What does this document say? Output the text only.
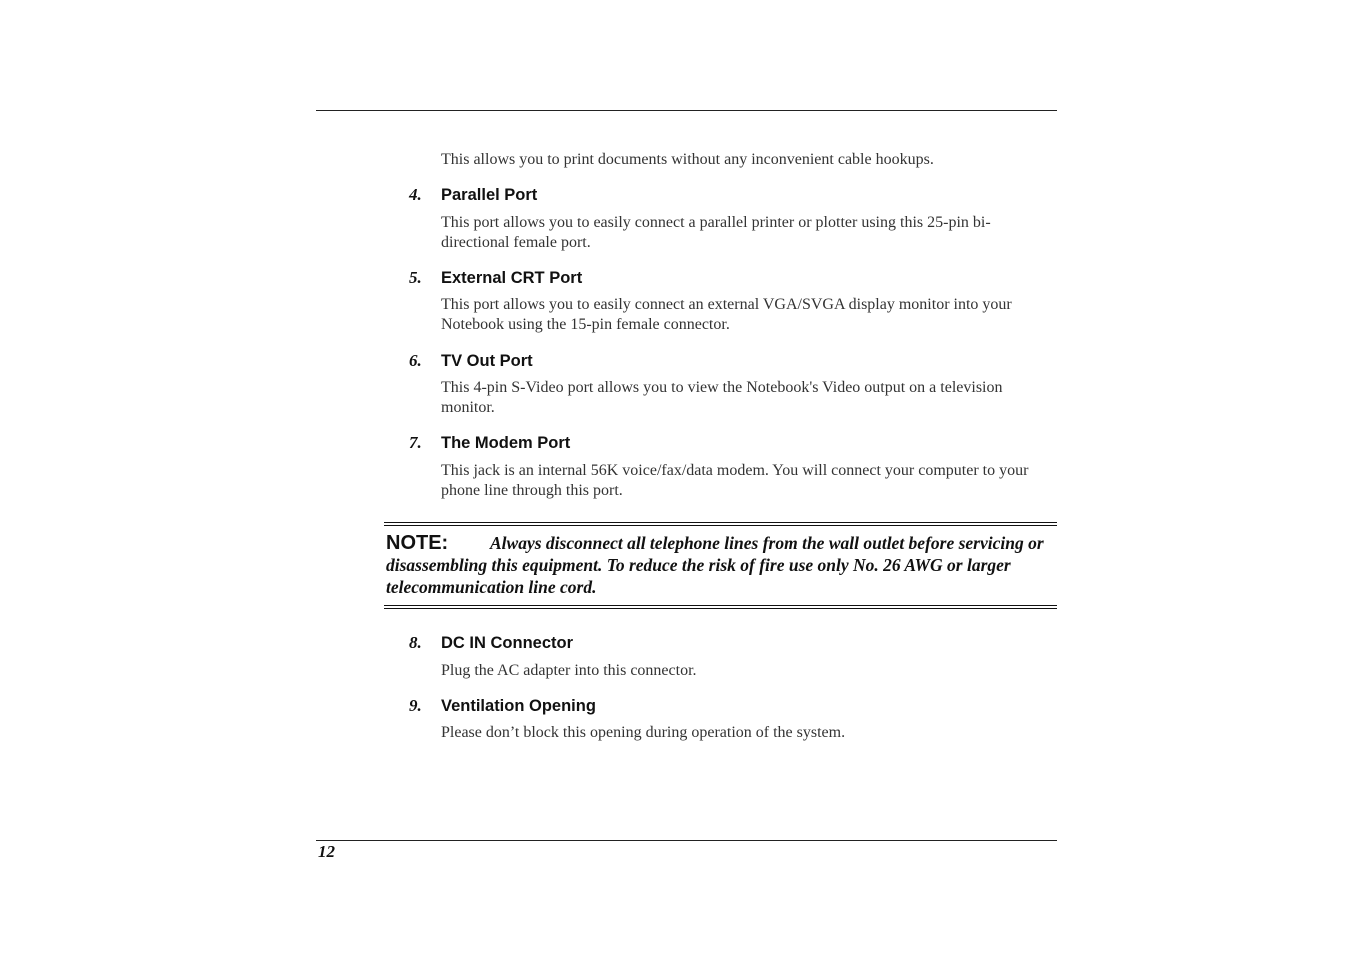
This allows you to print documents without any inconvenient cable hookups.
4. Parallel Port
This port allows you to easily connect a parallel printer or plotter using this 25-pin bi-directional female port.
5. External CRT Port
This port allows you to easily connect an external VGA/SVGA display monitor into your Notebook using the 15-pin female connector.
6. TV Out Port
This 4-pin S-Video port allows you to view the Notebook's Video output on a television monitor.
7. The Modem Port
This jack is an internal 56K voice/fax/data modem. You will connect your computer to your phone line through this port.
NOTE: Always disconnect all telephone lines from the wall outlet before servicing or disassembling this equipment. To reduce the risk of fire use only No. 26 AWG or larger telecommunication line cord.
8. DC IN Connector
Plug the AC adapter into this connector.
9. Ventilation Opening
Please don’t block this opening during operation of the system.
12
